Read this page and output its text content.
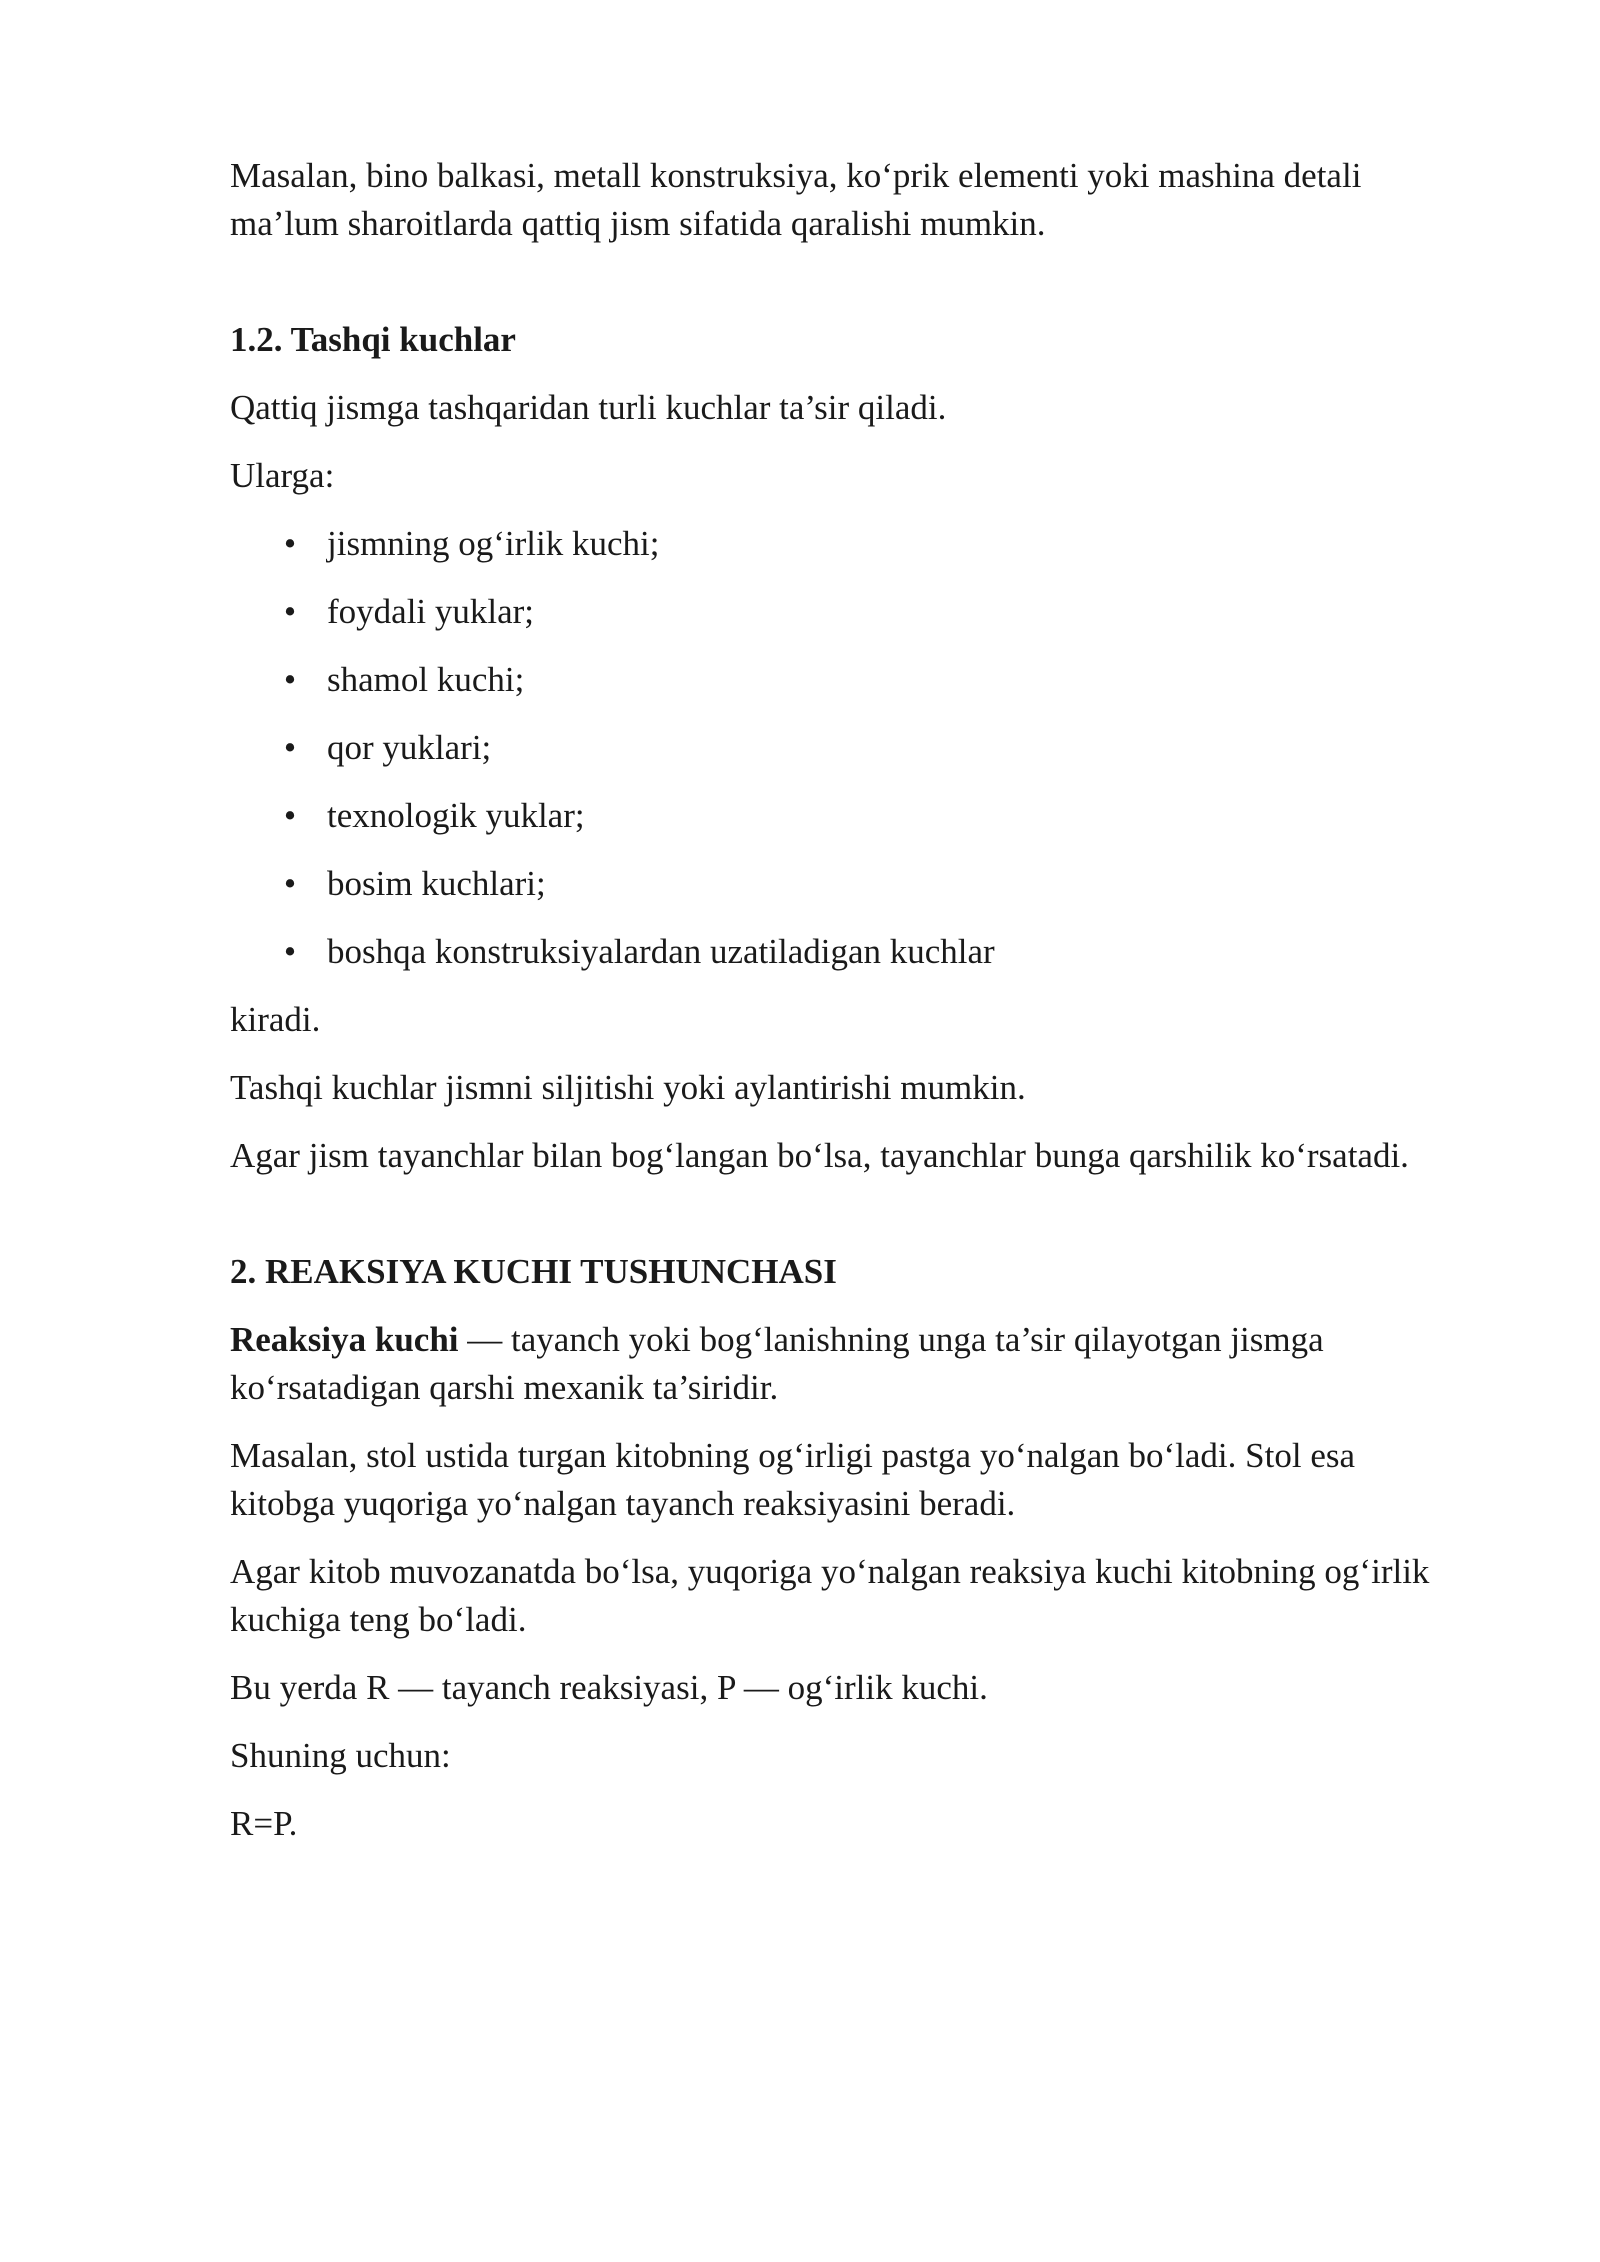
Masalan, bino balkasi, metall konstruksiya, ko‘prik elementi yoki mashina detali ma’lum sharoitlarda qattiq jism sifatida qaralishi mumkin.

1.2. Tashqi kuchlar

Qattiq jismga tashqaridan turli kuchlar ta’sir qiladi.

Ularga:

• jismning og‘irlik kuchi;
• foydali yuklar;
• shamol kuchi;
• qor yuklari;
• texnologik yuklar;
• bosim kuchlari;
• boshqa konstruksiyalardan uzatiladigan kuchlar

kiradi.

Tashqi kuchlar jismni siljitishi yoki aylantirishi mumkin.

Agar jism tayanchlar bilan bog‘langan bo‘lsa, tayanchlar bunga qarshilik ko‘rsatadi.

2. REAKSIYA KUCHI TUSHUNCHASI

Reaksiya kuchi — tayanch yoki bog‘lanishning unga ta’sir qilayotgan jismga ko‘rsatadigan qarshi mexanik ta’siridir.

Masalan, stol ustida turgan kitobning og‘irligi pastga yo‘nalgan bo‘ladi. Stol esa kitobga yuqoriga yo‘nalgan tayanch reaksiyasini beradi.

Agar kitob muvozanatda bo‘lsa, yuqoriga yo‘nalgan reaksiya kuchi kitobning og‘irlik kuchiga teng bo‘ladi.

Bu yerda R — tayanch reaksiyasi, P — og‘irlik kuchi.

Shuning uchun:

R=P.
